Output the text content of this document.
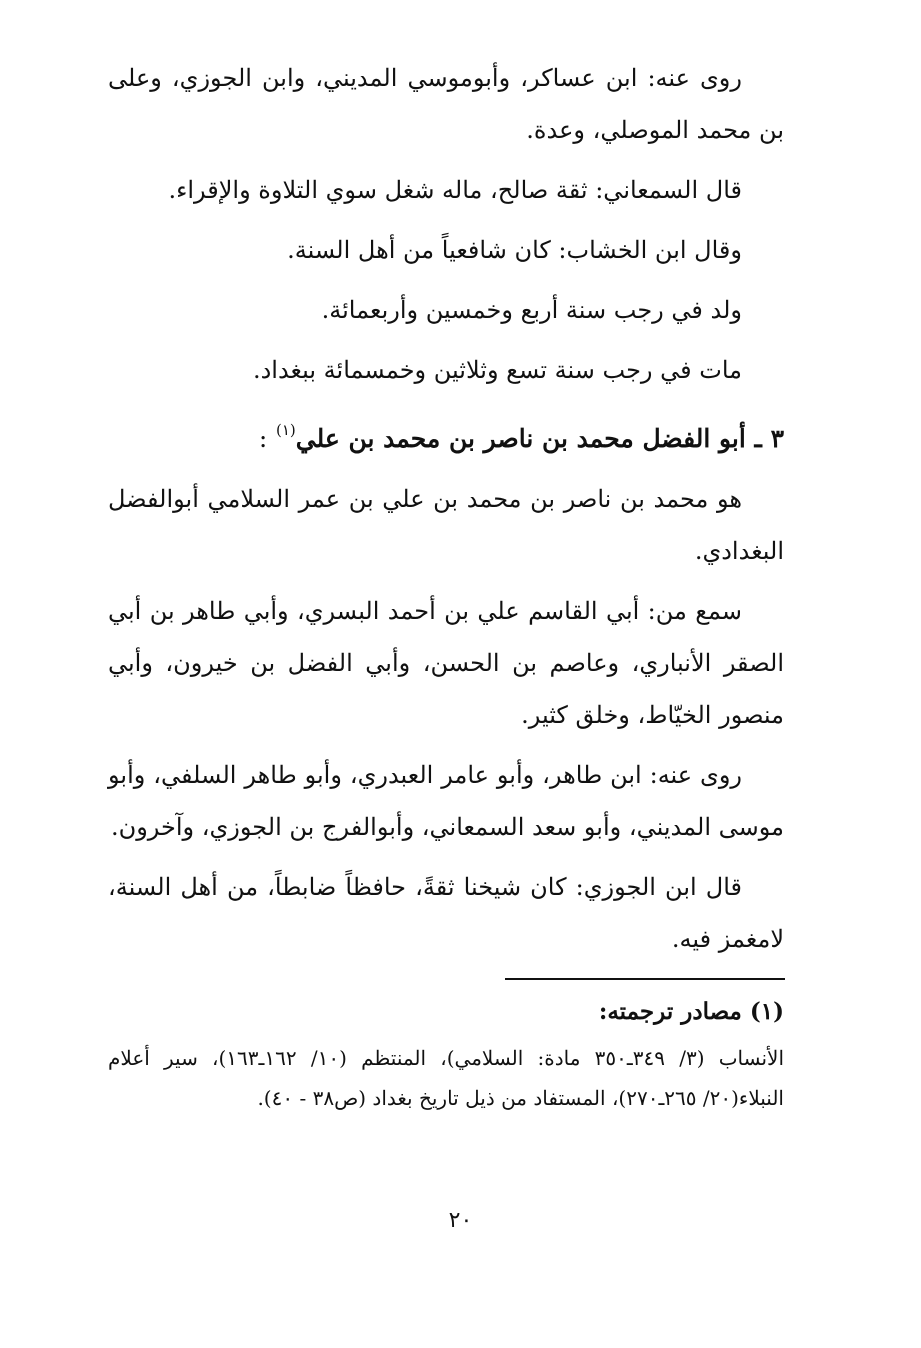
روى عنه: ابن عساكر، وأبوموسي المديني، وابن الجوزي، وعلى بن محمد الموصلي، وعدة.

قال السمعاني: ثقة صالح، ماله شغل سوي التلاوة والإقراء.

وقال ابن الخشاب: كان شافعياً من أهل السنة.

ولد في رجب سنة أربع وخمسين وأربعمائة.

مات في رجب سنة تسع وثلاثين وخمسمائة ببغداد.

٣ ـ أبو الفضل محمد بن ناصر بن محمد بن علي$^{(١)}$ :

هو محمد بن ناصر بن محمد بن علي بن عمر السلامي أبوالفضل البغدادي.

سمع من: أبي القاسم علي بن أحمد البسري، وأبي طاهر بن أبي الصقر الأنباري، وعاصم بن الحسن، وأبي الفضل بن خيرون، وأبي منصور الخيّاط، وخلق كثير.

روى عنه: ابن طاهر، وأبو عامر العبدري، وأبو طاهر السلفي، وأبو موسى المديني، وأبو سعد السمعاني، وأبوالفرج بن الجوزي، وآخرون.

قال ابن الجوزي: كان شيخنا ثقةً، حافظاً ضابطاً، من أهل السنة، لامغمز فيه.

(١) مصادر ترجمته:

الأنساب (٣/ ٣٤٩ـ٣٥٠ مادة: السلامي)، المنتظم (١٠/ ١٦٢ـ١٦٣)، سير أعلام النبلاء(٢٠/ ٢٦٥ـ٢٧٠)، المستفاد من ذيل تاريخ بغداد (ص٣٨ - ٤٠).

٢٠
